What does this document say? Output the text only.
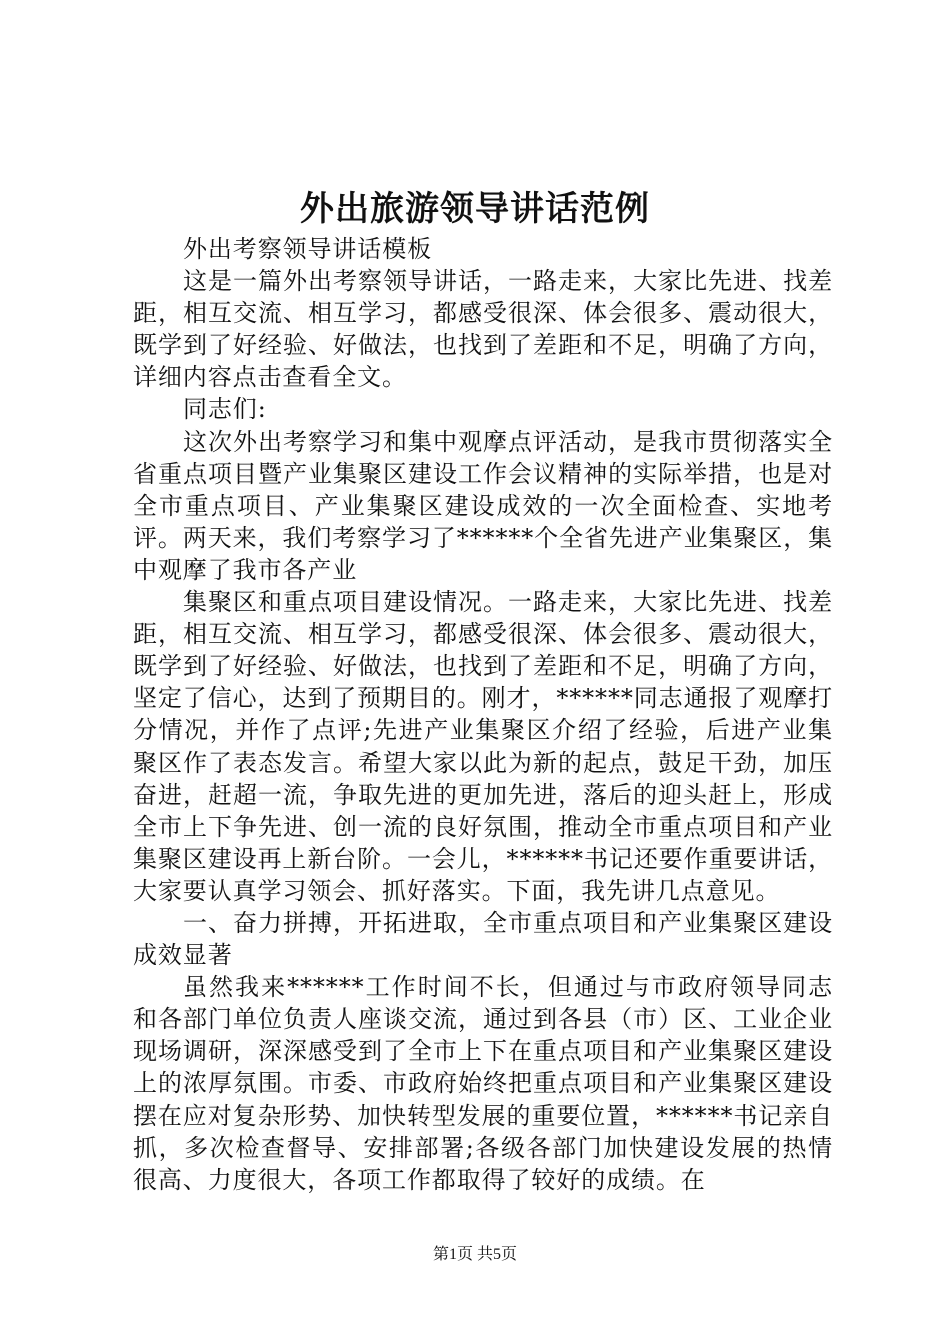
外出旅游领导讲话范例

外出考察领导讲话模板

这是一篇外出考察领导讲话，一路走来，大家比先进、找差距，相互交流、相互学习，都感受很深、体会很多、震动很大，既学到了好经验、好做法，也找到了差距和不足，明确了方向，详细内容点击查看全文。

同志们:

这次外出考察学习和集中观摩点评活动，是我市贯彻落实全省重点项目暨产业集聚区建设工作会议精神的实际举措，也是对全市重点项目、产业集聚区建设成效的一次全面检查、实地考评。两天来，我们考察学习了******个全省先进产业集聚区，集中观摩了我市各产业

集聚区和重点项目建设情况。一路走来，大家比先进、找差距，相互交流、相互学习，都感受很深、体会很多、震动很大，既学到了好经验、好做法，也找到了差距和不足，明确了方向，坚定了信心，达到了预期目的。刚才，******同志通报了观摩打分情况，并作了点评;先进产业集聚区介绍了经验，后进产业集聚区作了表态发言。希望大家以此为新的起点，鼓足干劲，加压奋进，赶超一流，争取先进的更加先进，落后的迎头赶上，形成全市上下争先进、创一流的良好氛围，推动全市重点项目和产业集聚区建设再上新台阶。一会儿，******书记还要作重要讲话，大家要认真学习领会、抓好落实。下面，我先讲几点意见。

一、奋力拼搏，开拓进取，全市重点项目和产业集聚区建设成效显著

虽然我来******工作时间不长，但通过与市政府领导同志和各部门单位负责人座谈交流，通过到各县（市）区、工业企业现场调研，深深感受到了全市上下在重点项目和产业集聚区建设上的浓厚氛围。市委、市政府始终把重点项目和产业集聚区建设摆在应对复杂形势、加快转型发展的重要位置，******书记亲自抓，多次检查督导、安排部署;各级各部门加快建设发展的热情很高、力度很大，各项工作都取得了较好的成绩。在

第1页 共5页
